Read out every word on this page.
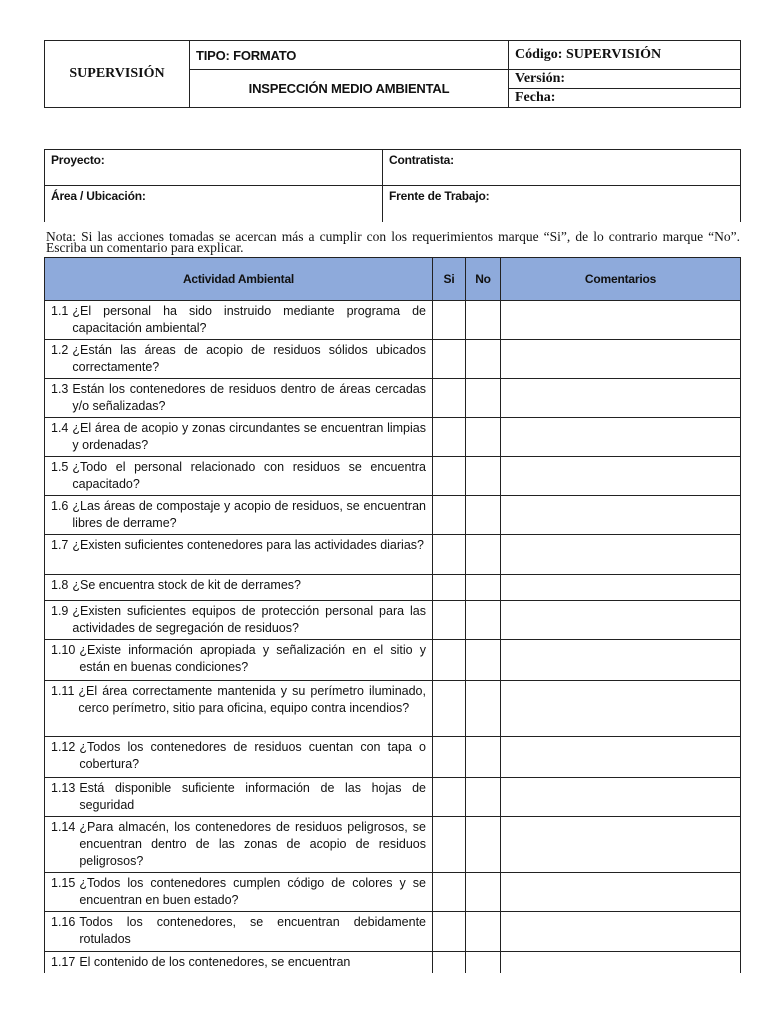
SUPERVISIÓN	TIPO: FORMATO	Código: SUPERVISIÓN
	INSPECCIÓN MEDIO AMBIENTAL	Versión:
Fecha:
Proyecto:	Contratista:
Área / Ubicación:	Frente de Trabajo:
Nota: Si las acciones tomadas se acercan más a cumplir con los requerimientos marque “Si”, de lo contrario marque “No”. Escriba un comentario para explicar.
Actividad Ambiental	Si	No	Comentarios

1.1 ¿El personal ha sido instruido mediante programa de capacitación ambiental?			

1.2 ¿Están las áreas de acopio de residuos sólidos ubicados correctamente?			

1.3 Están los contenedores de residuos dentro de áreas cercadas y/o señalizadas?			

1.4 ¿El área de acopio y zonas circundantes se encuentran limpias y ordenadas?			

1.5 ¿Todo el personal relacionado con residuos se encuentra capacitado?			

1.6 ¿Las áreas de compostaje y acopio de residuos, se encuentran libres de derrame?			

1.7 ¿Existen suficientes contenedores para las actividades diarias?			

1.8 ¿Se encuentra stock de kit de derrames?			

1.9 ¿Existen suficientes equipos de protección personal para las actividades de segregación de residuos?			

1.10 ¿Existe información apropiada y señalización en el sitio y están en buenas condiciones?			

1.11 ¿El área correctamente mantenida y su perímetro iluminado, cerco perímetro, sitio para oficina, equipo contra incendios?			

1.12 ¿Todos los contenedores de residuos cuentan con tapa o cobertura?			

1.13 Está disponible suficiente información de las hojas de seguridad			

1.14 ¿Para almacén, los contenedores de residuos peligrosos, se encuentran dentro de las zonas de acopio de residuos peligrosos?			

1.15 ¿Todos los contenedores cumplen código de colores y se encuentran en buen estado?			

1.16 Todos los contenedores, se encuentran debidamente rotulados			

1.17 El contenido de los contenedores, se encuentran			
